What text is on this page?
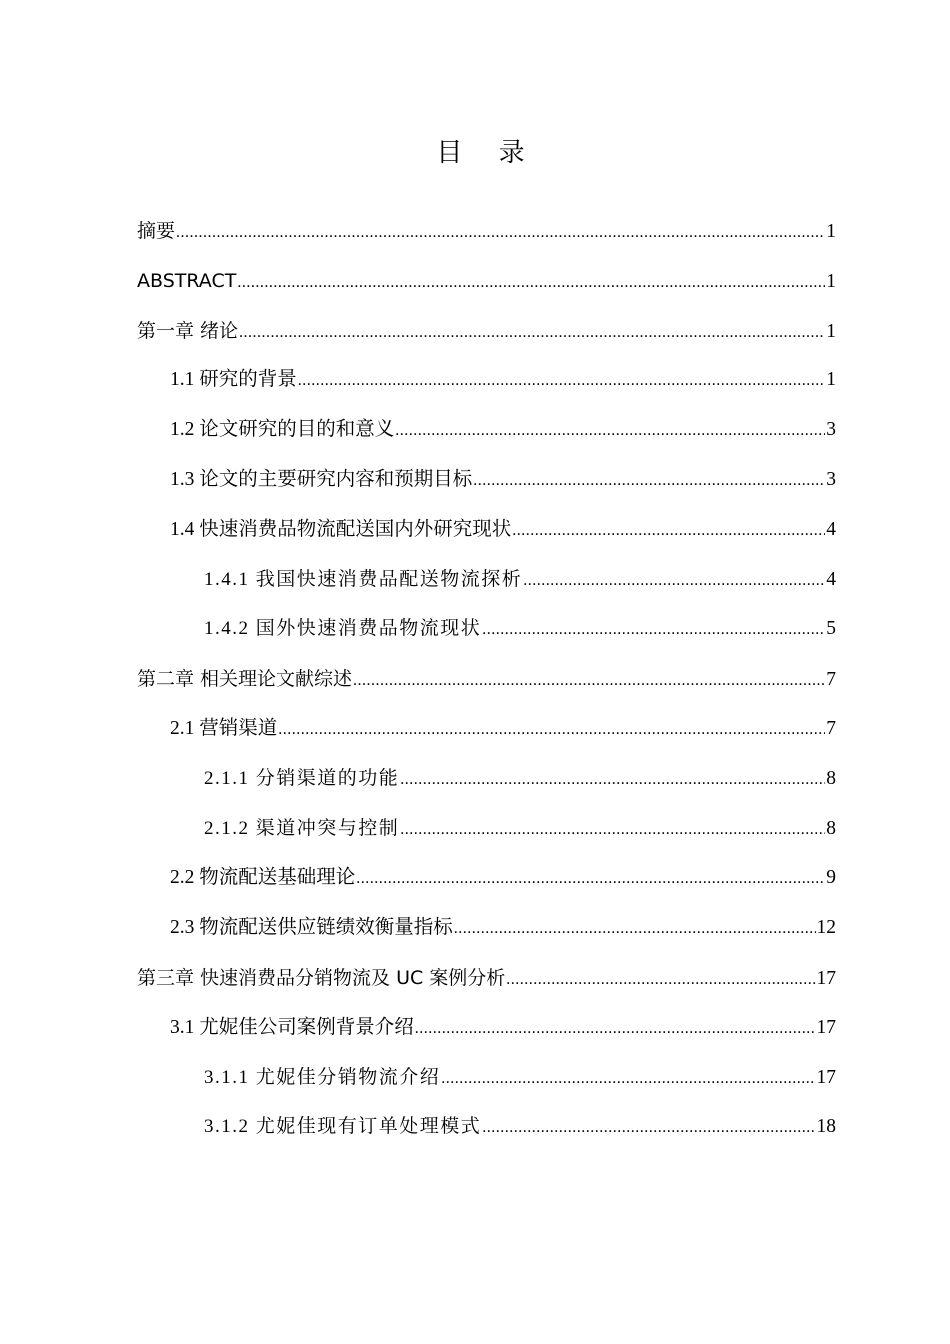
目 录
摘要 .....	1
ABSTRACT .....	1
第一章 绪论 .....	1
1.1 研究的背景 .....	1
1.2 论文研究的目的和意义 .....	3
1.3 论文的主要研究内容和预期目标 .....	3
1.4 快速消费品物流配送国内外研究现状 .....	4
1.4.1 我国快速消费品配送物流探析 .....	4
1.4.2 国外快速消费品物流现状 .....	5
第二章 相关理论文献综述 .....	7
2.1 营销渠道 .....	7
2.1.1 分销渠道的功能 .....	8
2.1.2 渠道冲突与控制 .....	8
2.2 物流配送基础理论 .....	9
2.3 物流配送供应链绩效衡量指标 .....	12
第三章 快速消费品分销物流及 UC 案例分析 .....	17
3.1 尤妮佳公司案例背景介绍 .....	17
3.1.1 尤妮佳分销物流介绍 .....	17
3.1.2 尤妮佳现有订单处理模式 .....	18
